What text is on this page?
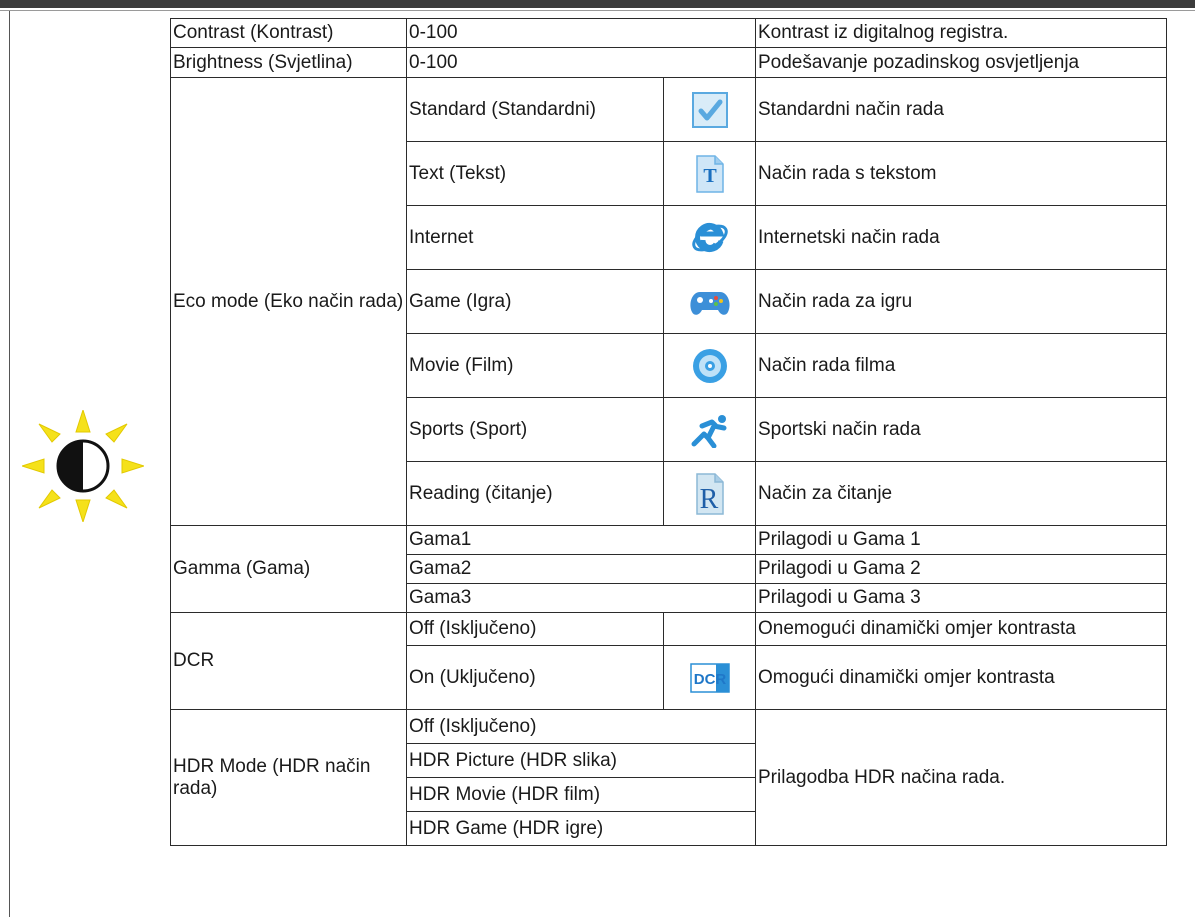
Contrast (Kontrast)	0-100		Kontrast iz digitalnog registra.
Brightness (Svjetlina)	0-100		Podešavanje pozadinskog osvjetljenja
Eco mode (Eko način rada)	Standard (Standardni)		Standardni način rada
	Text (Tekst)	T	Način rada s tekstom
	Internet		Internetski način rada
	Game (Igra)		Način rada za igru
	Movie (Film)		Način rada filma
	Sports (Sport)		Sportski način rada
	Reading (čitanje)	R	Način za čitanje
Gamma (Gama)	Gama1		Prilagodi u Gama 1
	Gama2		Prilagodi u Gama 2
	Gama3		Prilagodi u Gama 3
DCR	Off (Isključeno)		Onemogući dinamički omjer kontrasta
	On (Uključeno)	DCR	Omogući dinamički omjer kontrasta
HDR Mode (HDR način rada)	Off (Isključeno)		Prilagodba HDR načina rada.
	HDR Picture (HDR slika)		
	HDR Movie (HDR film)		
	HDR Game (HDR igre)		
